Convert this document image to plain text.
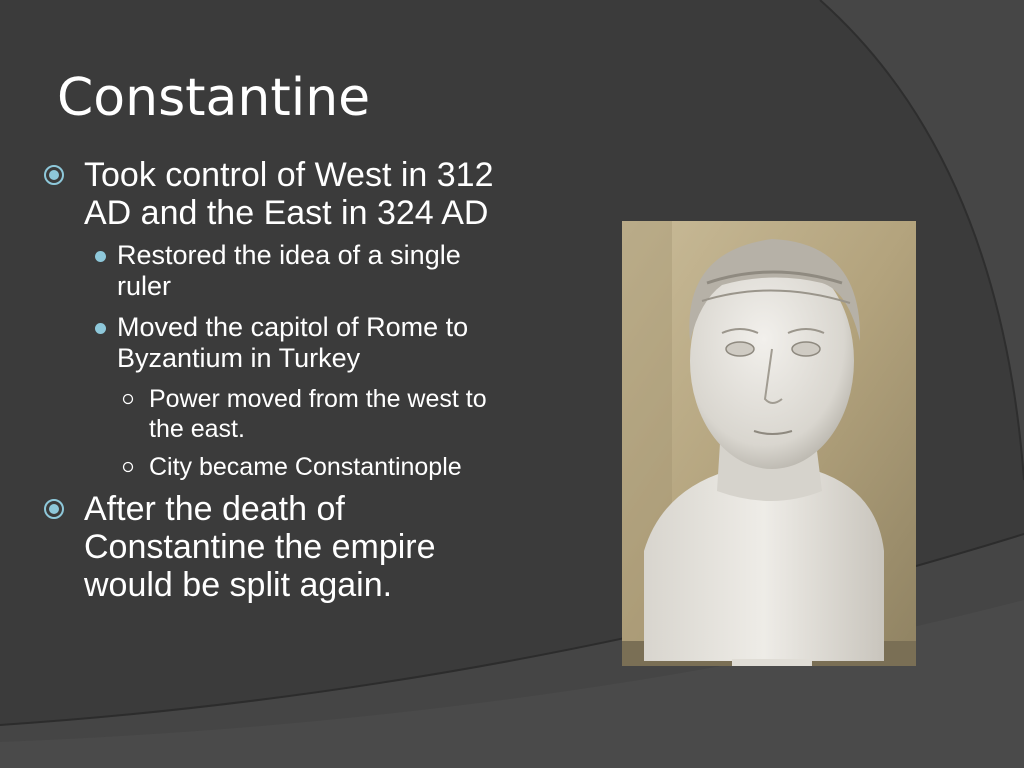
Constantine
Took control of West in 312 AD and the East in 324 AD
Restored the idea of a single ruler
Moved the capitol of Rome to Byzantium in Turkey
Power moved from the west to the east.
City became Constantinople
After the death of Constantine the empire would be split again.
